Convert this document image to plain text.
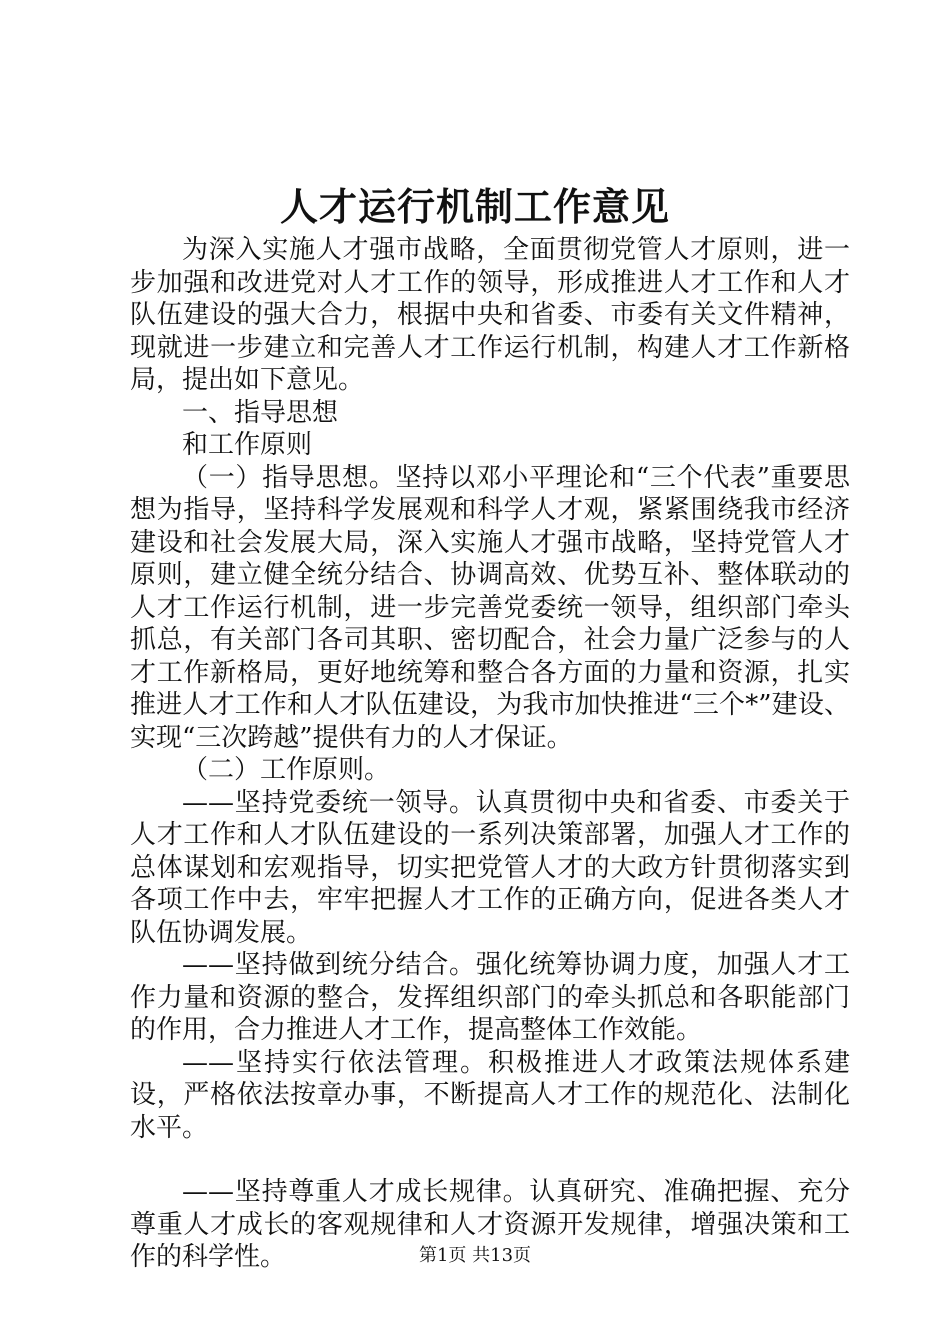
人才运行机制工作意见

为深入实施人才强市战略，全面贯彻党管人才原则，进一步加强和改进党对人才工作的领导，形成推进人才工作和人才队伍建设的强大合力，根据中央和省委、市委有关文件精神，现就进一步建立和完善人才工作运行机制，构建人才工作新格局，提出如下意见。

一、指导思想

和工作原则

（一）指导思想。坚持以邓小平理论和“三个代表”重要思想为指导，坚持科学发展观和科学人才观，紧紧围绕我市经济建设和社会发展大局，深入实施人才强市战略，坚持党管人才原则，建立健全统分结合、协调高效、优势互补、整体联动的人才工作运行机制，进一步完善党委统一领导，组织部门牵头抓总，有关部门各司其职、密切配合，社会力量广泛参与的人才工作新格局，更好地统筹和整合各方面的力量和资源，扎实推进人才工作和人才队伍建设，为我市加快推进“三个*”建设、实现“三次跨越”提供有力的人才保证。

（二）工作原则。

——坚持党委统一领导。认真贯彻中央和省委、市委关于人才工作和人才队伍建设的一系列决策部署，加强人才工作的总体谋划和宏观指导，切实把党管人才的大政方针贯彻落实到各项工作中去，牢牢把握人才工作的正确方向，促进各类人才队伍协调发展。

——坚持做到统分结合。强化统筹协调力度，加强人才工作力量和资源的整合，发挥组织部门的牵头抓总和各职能部门的作用，合力推进人才工作，提高整体工作效能。

——坚持实行依法管理。积极推进人才政策法规体系建设，严格依法按章办事，不断提高人才工作的规范化、法制化水平。

——坚持尊重人才成长规律。认真研究、准确把握、充分尊重人才成长的客观规律和人才资源开发规律，增强决策和工作的科学性。	第1页 共13页
